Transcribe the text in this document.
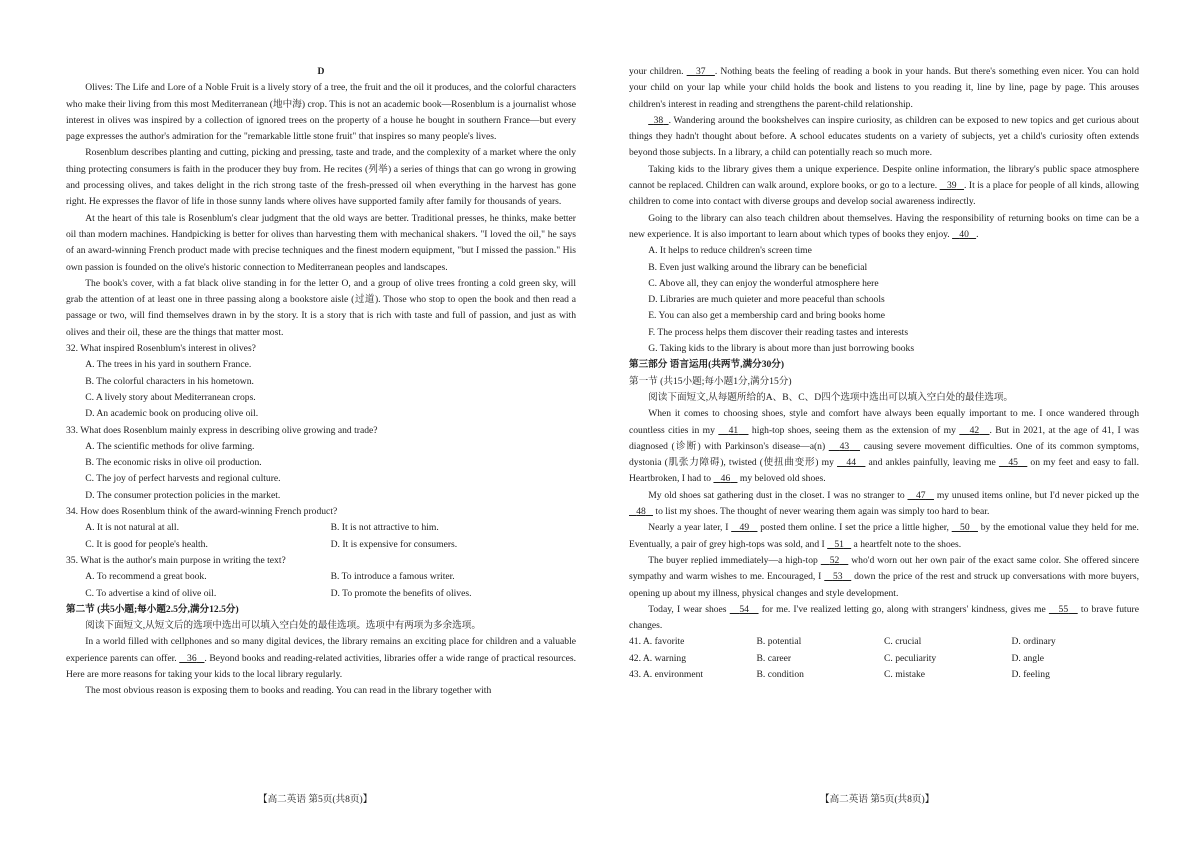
D

Olives: The Life and Lore of a Noble Fruit is a lively story of a tree, the fruit and the oil it produces, and the colorful characters who make their living from this most Mediterranean (地中海) crop. This is not an academic book—Rosenblum is a journalist whose interest in olives was inspired by a collection of ignored trees on the property of a house he bought in southern France—but every page expresses the author's admiration for the "remarkable little stone fruit" that inspires so many people's lives.

Rosenblum describes planting and cutting, picking and pressing, taste and trade, and the complexity of a market where the only thing protecting consumers is faith in the producer they buy from. He recites (列举) a series of things that can go wrong in growing and processing olives, and takes delight in the rich strong taste of the fresh-pressed oil when everything in the harvest has gone right. He expresses the flavor of life in those sunny lands where olives have supported family after family for thousands of years.

At the heart of this tale is Rosenblum's clear judgment that the old ways are better. Traditional presses, he thinks, make better oil than modern machines. Handpicking is better for olives than harvesting them with mechanical shakers. "I loved the oil," he says of an award-winning French product made with precise techniques and the finest modern equipment, "but I missed the passion." His own passion is founded on the olive's historic connection to Mediterranean peoples and landscapes.

The book's cover, with a fat black olive standing in for the letter O, and a group of olive trees fronting a cold green sky, will grab the attention of at least one in three passing along a bookstore aisle (过道). Those who stop to open the book and then read a passage or two, will find themselves drawn in by the story. It is a story that is rich with taste and full of passion, and just as with olives and their oil, these are the things that matter most.

32. What inspired Rosenblum's interest in olives?

A. The trees in his yard in southern France.

B. The colorful characters in his hometown.

C. A lively story about Mediterranean crops.

D. An academic book on producing olive oil.

33. What does Rosenblum mainly express in describing olive growing and trade?

A. The scientific methods for olive farming.

B. The economic risks in olive oil production.

C. The joy of perfect harvests and regional culture.

D. The consumer protection policies in the market.

34. How does Rosenblum think of the award-winning French product?

A. It is not natural at all.	B. It is not attractive to him.
C. It is good for people's health.	D. It is expensive for consumers.

35. What is the author's main purpose in writing the text?

A. To recommend a great book.	B. To introduce a famous writer.
C. To advertise a kind of olive oil.	D. To promote the benefits of olives.

第二节 (共5小题;每小题2.5分,满分12.5分)

阅读下面短文,从短文后的选项中选出可以填入空白处的最佳选项。选项中有两项为多余选项。

In a world filled with cellphones and so many digital devices, the library remains an exciting place for children and a valuable experience parents can offer.    36 . Beyond books and reading-related activities, libraries offer a wide range of practical resources. Here are more reasons for taking your kids to the local library regularly.

The most obvious reason is exposing them to books and reading. You can read in the library together with

your children.    37 . Nothing beats the feeling of reading a book in your hands. But there's something even nicer. You can hold your child on your lap while your child holds the book and listens to you reading it, line by line, page by page. This arouses children's interest in reading and strengthens the parent-child relationship.

38 . Wandering around the bookshelves can inspire curiosity, as children can be exposed to new topics and get curious about things they hadn't thought about before. A school educates students on a variety of subjects, yet a child's curiosity often extends beyond those subjects. In a library, a child can potentially reach so much more.

Taking kids to the library gives them a unique experience. Despite online information, the library's public space atmosphere cannot be replaced. Children can walk around, explore books, or go to a lecture.    39 . It is a place for people of all kinds, allowing children to come into contact with diverse groups and develop social awareness indirectly.

Going to the library can also teach children about themselves. Having the responsibility of returning books on time can be a new experience. It is also important to learn about which types of books they enjoy.    40 .

A. It helps to reduce children's screen time

B. Even just walking around the library can be beneficial

C. Above all, they can enjoy the wonderful atmosphere here

D. Libraries are much quieter and more peaceful than schools

E. You can also get a membership card and bring books home

F. The process helps them discover their reading tastes and interests

G. Taking kids to the library is about more than just borrowing books

第三部分 语言运用(共两节,满分30分)

第一节 (共15小题;每小题1分,满分15分)

阅读下面短文,从每题所给的A、B、C、D四个选项中选出可以填入空白处的最佳选项。

When it comes to choosing shoes, style and comfort have always been equally important to me. I once wandered through countless cities in my    41    high-top shoes, seeing them as the extension of my    42 . But in 2021, at the age of 41, I was diagnosed (诊断) with Parkinson's disease—a(n)    43    causing severe movement difficulties. One of its common symptoms, dystonia (肌张力障碍), twisted (使扭曲变形) my    44    and ankles painfully, leaving me    45    on my feet and easy to fall. Heartbroken, I had to    46    my beloved old shoes.

My old shoes sat gathering dust in the closet. I was no stranger to    47    my unused items online, but I'd never picked up the    48    to list my shoes. The thought of never wearing them again was simply too hard to bear.

Nearly a year later, I    49    posted them online. I set the price a little higher,    50    by the emotional value they held for me. Eventually, a pair of grey high-tops was sold, and I    51    a heartfelt note to the shoes.

The buyer replied immediately—a high-top    52    who'd worn out her own pair of the exact same color. She offered sincere sympathy and warm wishes to me. Encouraged, I    53    down the price of the rest and struck up conversations with more buyers, opening up about my illness, physical changes and style development.

Today, I wear shoes    54    for me. I've realized letting go, along with strangers' kindness, gives me    55    to brave future changes.

41. A. favorite	B. potential	C. crucial	D. ordinary
42. A. warning	B. career	C. peculiarity	D. angle
43. A. environment	B. condition	C. mistake	D. feeling
【高二英语 第5页(共8页)】	【高二英语 第5页(共8页)】
